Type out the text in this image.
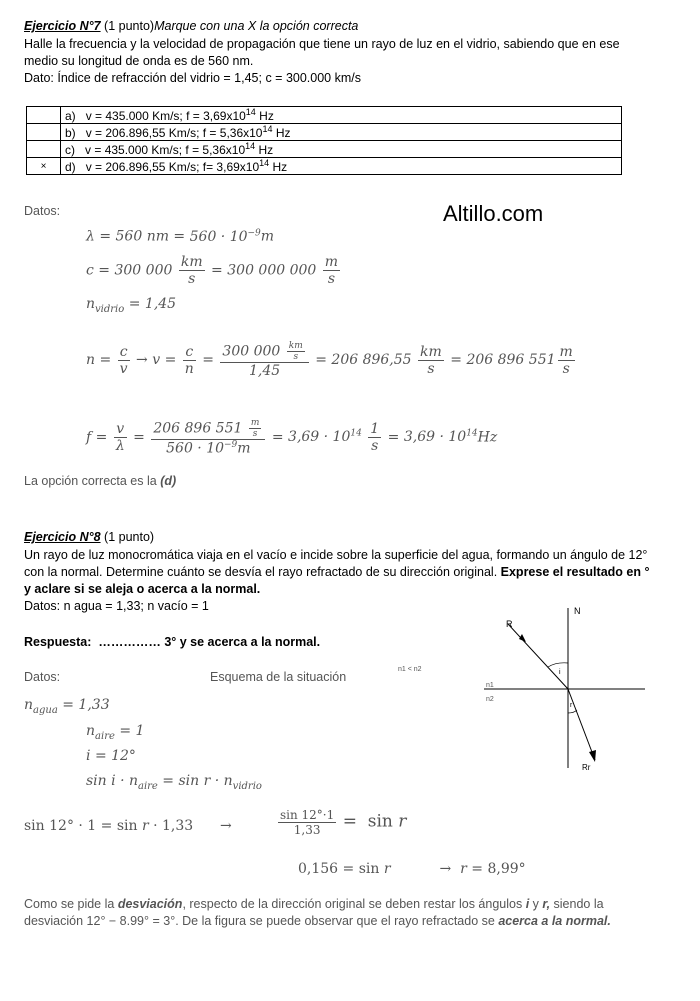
Ejercicio N°7 (1 punto)Marque con una X la opción correcta
Halle la frecuencia y la velocidad de propagación que tiene un rayo de luz en el vidrio, sabiendo que en ese
medio su longitud de onda es de 560 nm.
Dato: Índice de refracción del vidrio = 1,45; c = 300.000 km/s
	a) v = 435.000 Km/s; $f = 3,69x10^{14}$ Hz
	b) v = 206.896,55 Km/s; $f = 5,36x10^{14}$ Hz
	c) v = 435.000 Km/s; $f = 5,36x10^{14}$ Hz
×	d) v = 206.896,55 Km/s; $f= 3,69x10^{14}$ Hz
Datos:	Altillo.com
λ = 560 nm = $560 \cdot 10^{-9}m$
c = 300 $000 \frac{km}{s} = 300$ 000 $000 \frac{m}{s}$
$n_{vidrio} = 1,45$
$n = \frac{c}{v} \to v = \frac{c}{n} = \frac{300 000 \frac{km}{s}}{1,45} = 206$ $896,55 \frac{km}{s} = 206$ 896 $551 \frac{m}{s}$
$f = \frac{v}{\lambda} = \frac{206 896 551 \frac{m}{s}}{560 \cdot 10^{-9}m} = 3,69 \cdot 10^{14} \frac{1}{s} = 3,69 \cdot 10^{14}Hz$
La opción correcta es la (d)
Ejercicio N°8 (1 punto)
Un rayo de luz monocromática viaja en el vacío e incide sobre la superficie del agua, formando un ángulo de 12°
con la normal. Determine cuánto se desvía el rayo refractado de su dirección original. Exprese el resultado en °
y aclare si se aleja o acerca a la normal.
Datos: n agua = 1,33; n vacío = 1
Respuesta: …………… 3° y se acerca a la normal.
Datos:	Esquema de la situación
n1 < n2
N
n1
n2
R
Rr
i
r
$n_{agua} = 1,33$
$n_{aire} = 1$
i = 12°
$\sin i \cdot n_{aire} = \sin r \cdot n_{vidrio}$
sin 12° · 1 = sin r · 1,33 →	$\frac{\sin 12^\circ\cdot 1}{1,33} = \sin r$
0,156 = sin r           →  r = 8,99°
Como se pide la desviación, respecto de la dirección original se deben restar los ángulos i y r, siendo la
desviación 12° − 8.99° = 3°. De la figura se puede observar que el rayo refractado se acerca a la normal.
